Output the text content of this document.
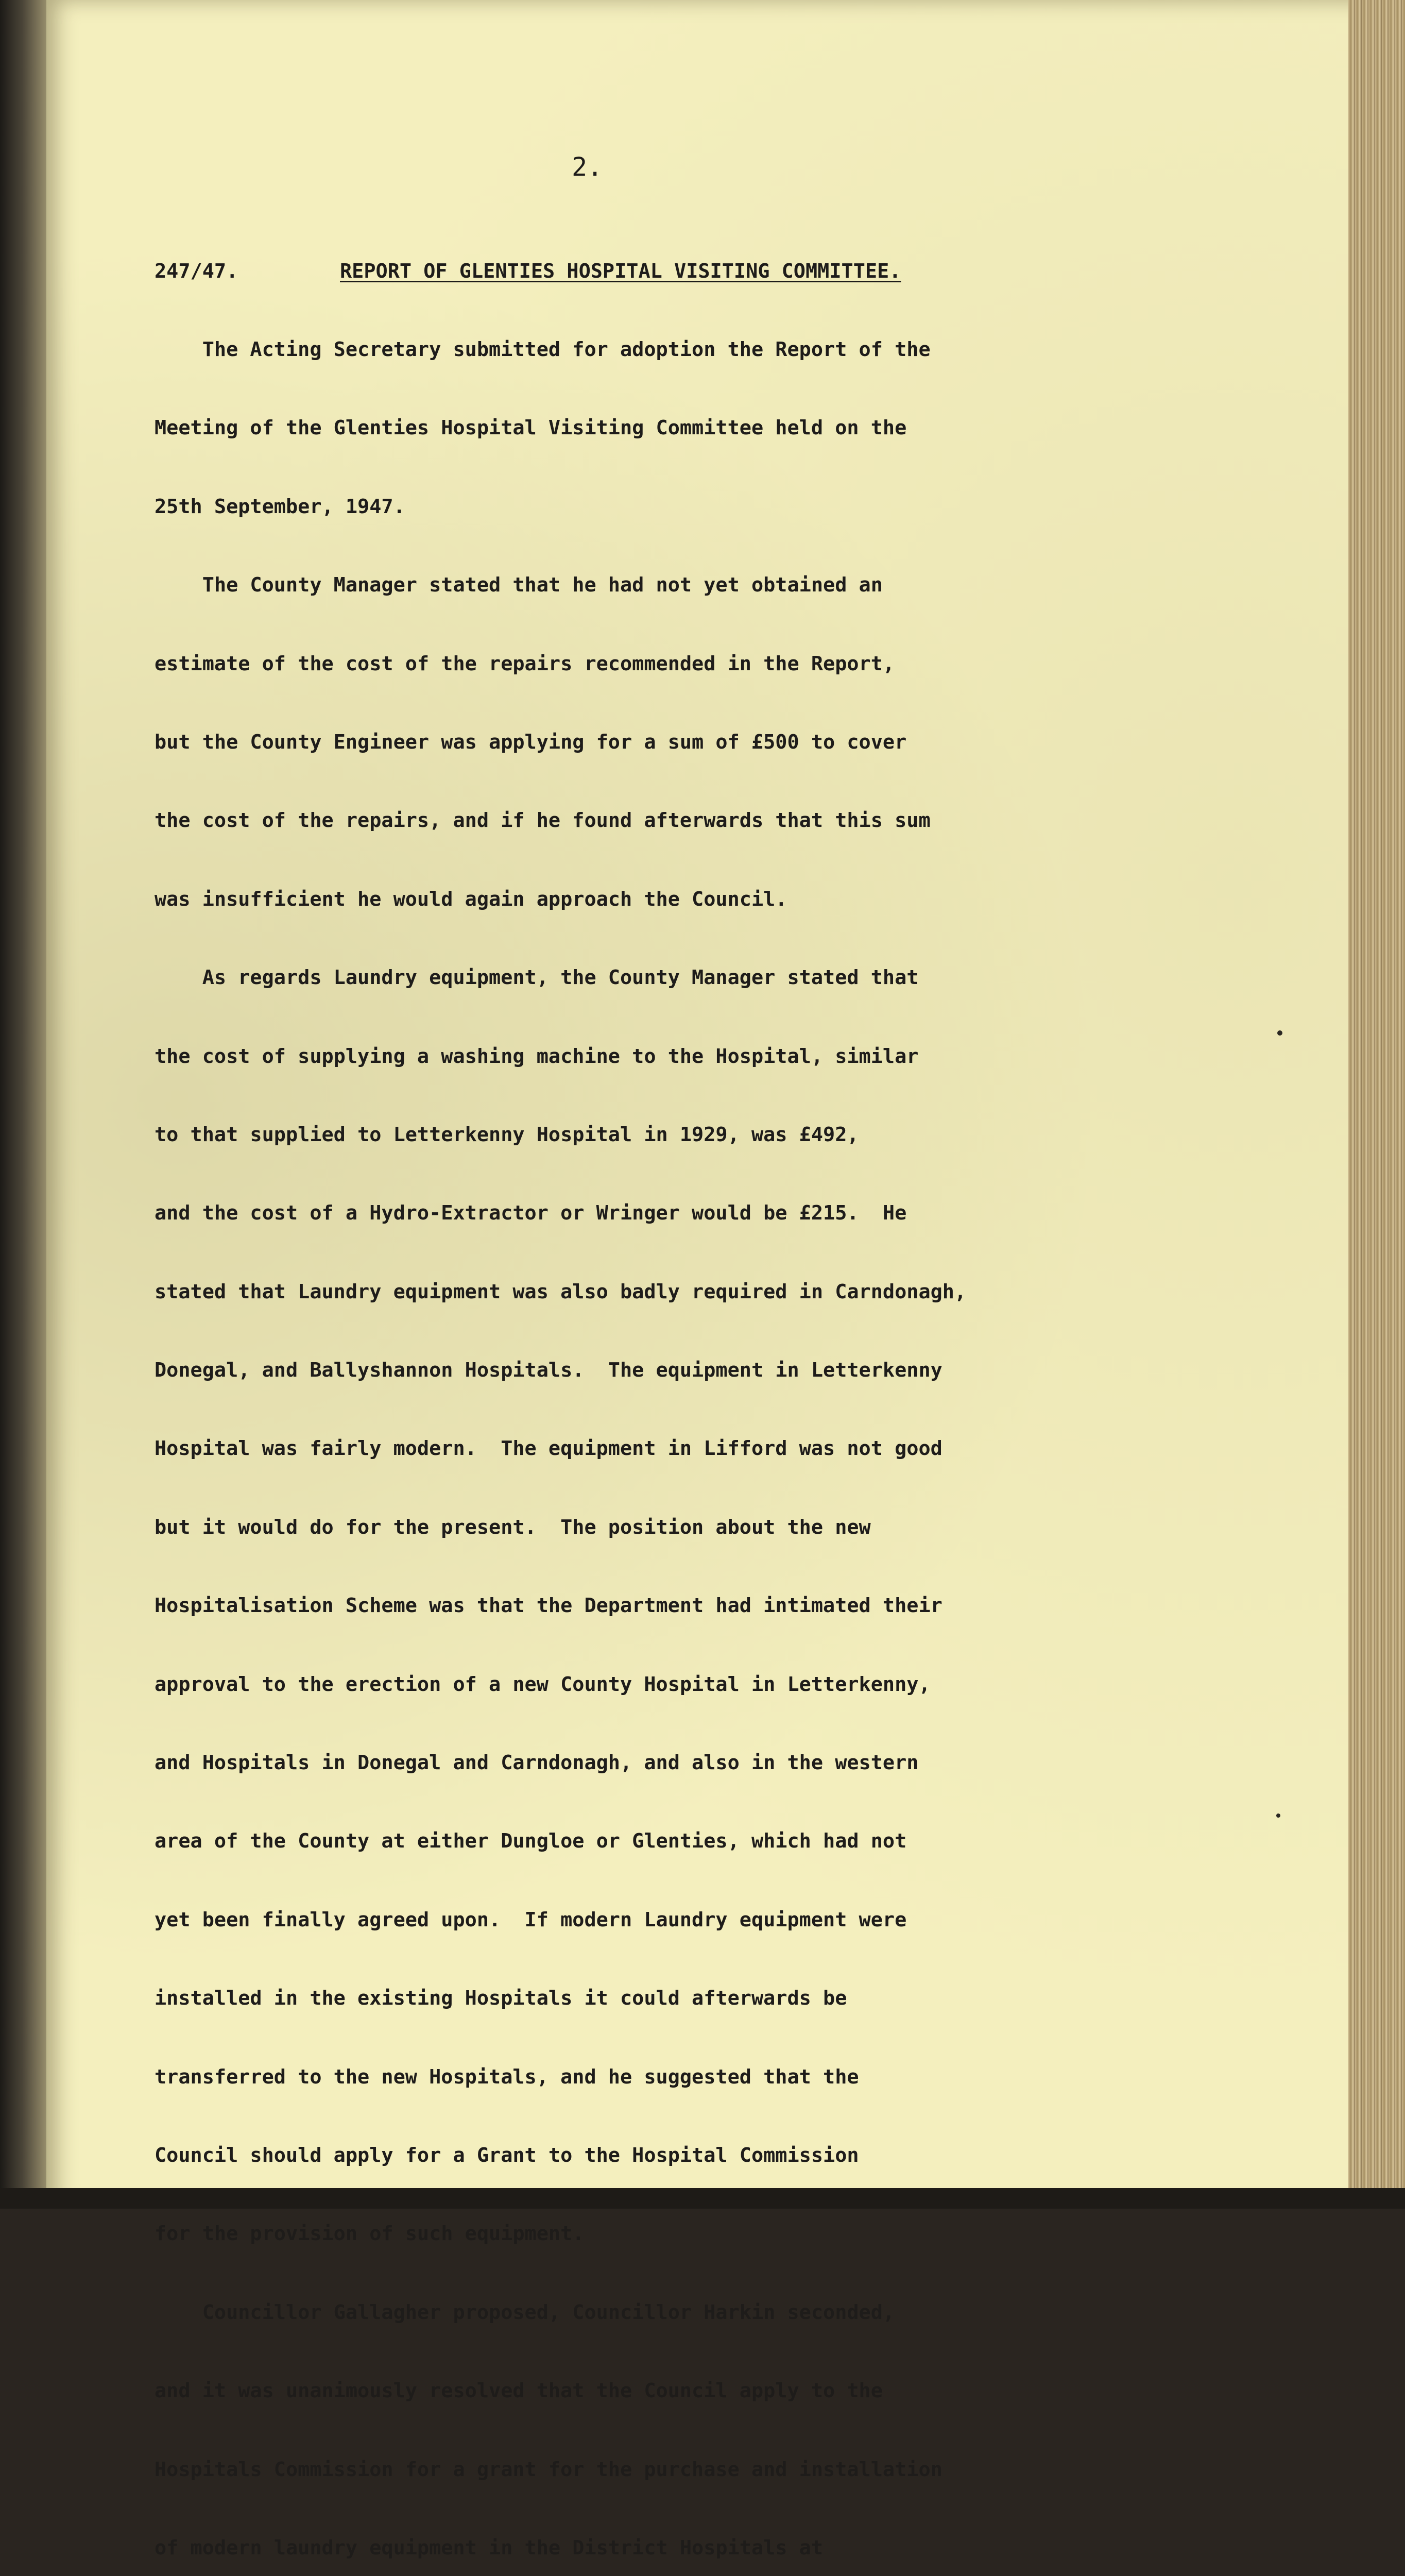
2.

247/47.	REPORT OF GLENTIES HOSPITAL VISITING COMMITTEE.

The Acting Secretary submitted for adoption the Report of the

Meeting of the Glenties Hospital Visiting Committee held on the

25th September, 1947.

The County Manager stated that he had not yet obtained an

estimate of the cost of the repairs recommended in the Report,

but the County Engineer was applying for a sum of £500 to cover

the cost of the repairs, and if he found afterwards that this sum

was insufficient he would again approach the Council.

As regards Laundry equipment, the County Manager stated that

the cost of supplying a washing machine to the Hospital, similar

to that supplied to Letterkenny Hospital in 1929, was £492,

and the cost of a Hydro-Extractor or Wringer would be £215.  He

stated that Laundry equipment was also badly required in Carndonagh,

Donegal, and Ballyshannon Hospitals.  The equipment in Letterkenny

Hospital was fairly modern.  The equipment in Lifford was not good

but it would do for the present.  The position about the new

Hospitalisation Scheme was that the Department had intimated their

approval to the erection of a new County Hospital in Letterkenny,

and Hospitals in Donegal and Carndonagh, and also in the western

area of the County at either Dungloe or Glenties, which had not

yet been finally agreed upon.  If modern Laundry equipment were

installed in the existing Hospitals it could afterwards be

transferred to the new Hospitals, and he suggested that the

Council should apply for a Grant to the Hospital Commission

for the provision of such equipment.

Councillor Gallagher proposed, Councillor Harkin seconded,

and it was unanimously resolved that the Council apply to the

Hospitals Commission for a grant for the purchase and installation

of modern laundry equipment in the District Hospitals at
